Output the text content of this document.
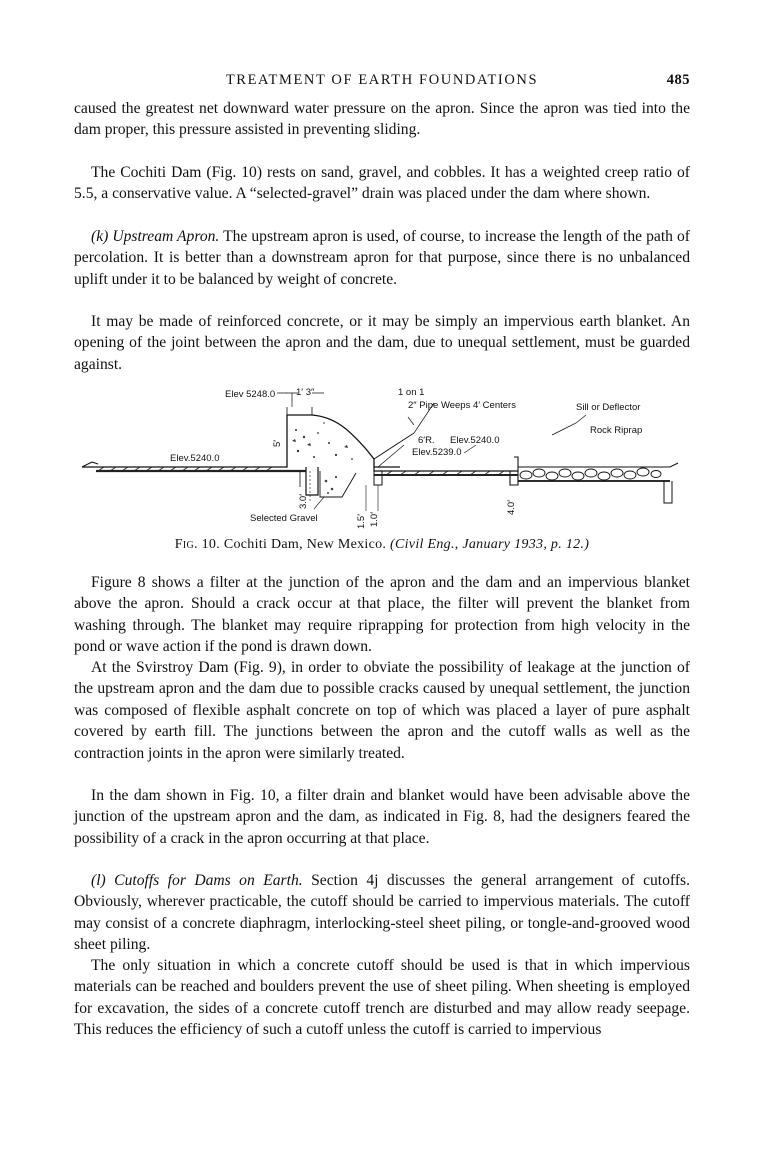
TREATMENT OF EARTH FOUNDATIONS	485

caused the greatest net downward water pressure on the apron. Since the apron was tied into the dam proper, this pressure assisted in preventing sliding.

The Cochiti Dam (Fig. 10) rests on sand, gravel, and cobbles. It has a weighted creep ratio of 5.5, a conservative value. A “selected-gravel” drain was placed under the dam where shown.

(k) Upstream Apron. The upstream apron is used, of course, to increase the length of the path of percolation. It is better than a downstream apron for that purpose, since there is no unbalanced uplift under it to be balanced by weight of concrete.

It may be made of reinforced concrete, or it may be simply an impervious earth blanket. An opening of the joint between the apron and the dam, due to unequal settlement, must be guarded against.

Elev 5248.0 1′ 3″	1 on 1
2″ Pipe Weeps 4′ Centers
Elev.5240.0
6′R. Elev.5240.0
Elev.5239.0
Sill or Deflector
Rock Riprap
Selected Gravel
5′
3.0′
1.5′ 1.0′
4.0′
Fig. 10. Cochiti Dam, New Mexico. (Civil Eng., January 1933, p. 12.)

Figure 8 shows a filter at the junction of the apron and the dam and an impervious blanket above the apron. Should a crack occur at that place, the filter will prevent the blanket from washing through. The blanket may require riprapping for protection from high velocity in the pond or wave action if the pond is drawn down.

At the Svirstroy Dam (Fig. 9), in order to obviate the possibility of leakage at the junction of the upstream apron and the dam due to possible cracks caused by unequal settlement, the junction was composed of flexible asphalt concrete on top of which was placed a layer of pure asphalt covered by earth fill. The junctions between the apron and the cutoff walls as well as the contraction joints in the apron were similarly treated.

In the dam shown in Fig. 10, a filter drain and blanket would have been advisable above the junction of the upstream apron and the dam, as indicated in Fig. 8, had the designers feared the possibility of a crack in the apron occurring at that place.

(l) Cutoffs for Dams on Earth. Section 4j discusses the general arrangement of cutoffs. Obviously, wherever practicable, the cutoff should be carried to impervious materials. The cutoff may consist of a concrete diaphragm, interlocking-steel sheet piling, or tongle-and-grooved wood sheet piling.

The only situation in which a concrete cutoff should be used is that in which impervious materials can be reached and boulders prevent the use of sheet piling. When sheeting is employed for excavation, the sides of a concrete cutoff trench are disturbed and may allow ready seepage. This reduces the efficiency of such a cutoff unless the cutoff is carried to impervious
